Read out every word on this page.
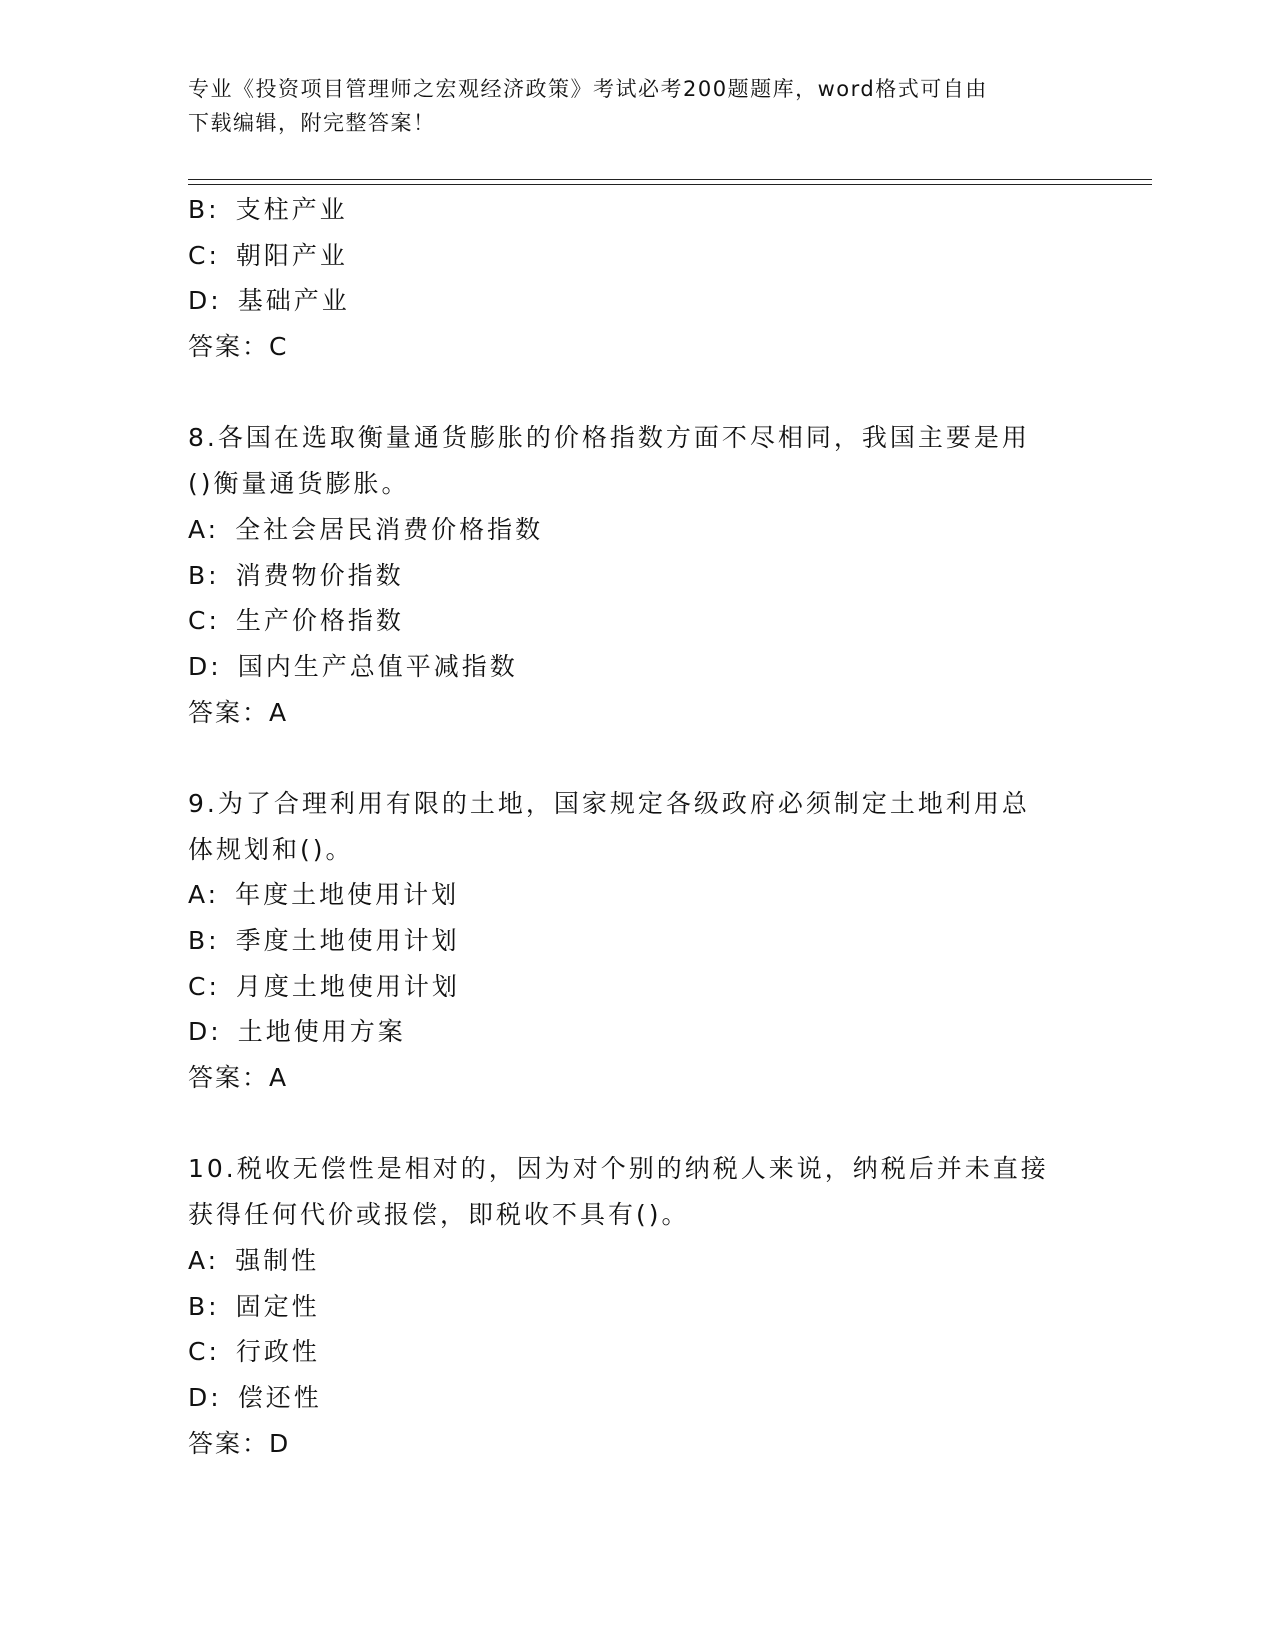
专业《投资项目管理师之宏观经济政策》考试必考200题题库，word格式可自由
下载编辑，附完整答案！
B: 支柱产业
C: 朝阳产业
D: 基础产业
答案：C
8.各国在选取衡量通货膨胀的价格指数方面不尽相同，我国主要是用
()衡量通货膨胀。
A: 全社会居民消费价格指数
B: 消费物价指数
C: 生产价格指数
D: 国内生产总值平减指数
答案：A
9.为了合理利用有限的土地，国家规定各级政府必须制定土地利用总
体规划和()。
A: 年度土地使用计划
B: 季度土地使用计划
C: 月度土地使用计划
D: 土地使用方案
答案：A
10.税收无偿性是相对的，因为对个别的纳税人来说，纳税后并未直接
获得任何代价或报偿，即税收不具有()。
A: 强制性
B: 固定性
C: 行政性
D: 偿还性
答案：D
